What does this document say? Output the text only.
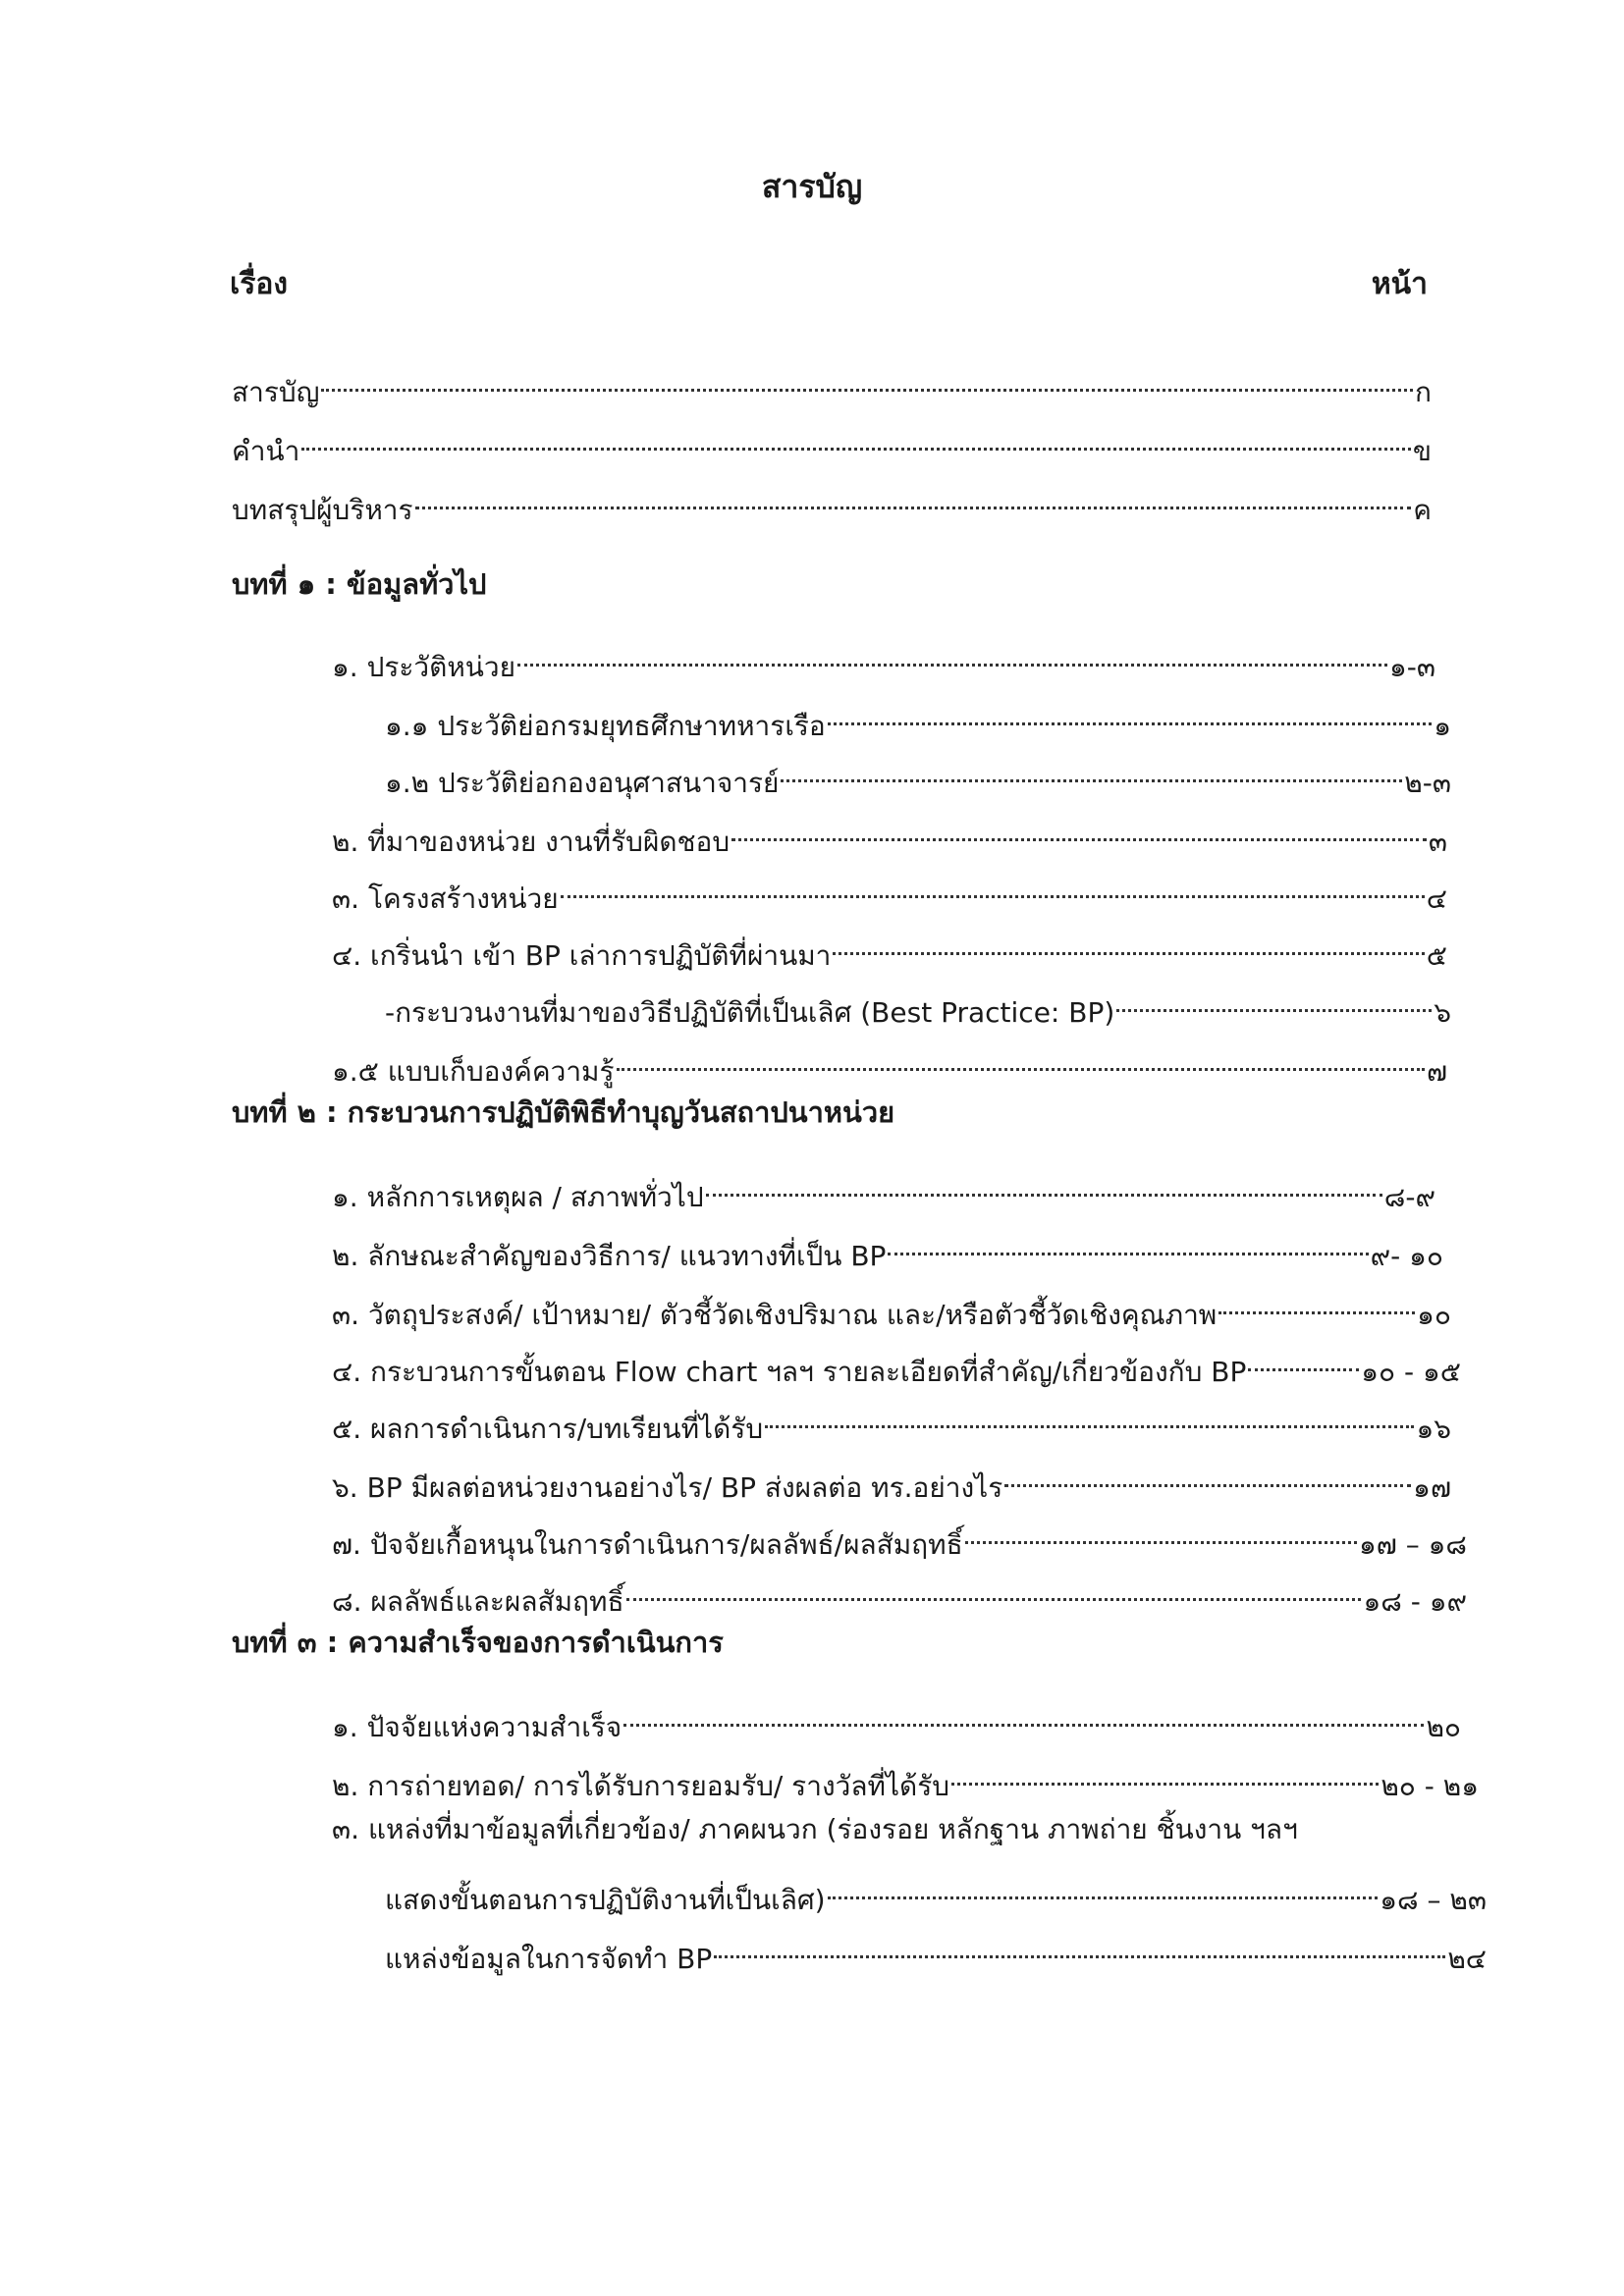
สารบัญ
เรื่อง	หน้า
สารบัญ	ก
คำนำ	ข
บทสรุปผู้บริหาร	ค
บทที่ ๑ : ข้อมูลทั่วไป
๑. ประวัติหน่วย	๑-๓
๑.๑ ประวัติย่อกรมยุทธศึกษาทหารเรือ	๑
๑.๒ ประวัติย่อกองอนุศาสนาจารย์	๒-๓
๒. ที่มาของหน่วย งานที่รับผิดชอบ	๓
๓. โครงสร้างหน่วย	๔
๔. เกริ่นนำ เข้า BP เล่าการปฏิบัติที่ผ่านมา	๕
-กระบวนงานที่มาของวิธีปฏิบัติที่เป็นเลิศ (Best Practice: BP)	๖
๑.๕ แบบเก็บองค์ความรู้	๗
บทที่ ๒ : กระบวนการปฏิบัติพิธีทำบุญวันสถาปนาหน่วย
๑. หลักการเหตุผล / สภาพทั่วไป	๘-๙
๒. ลักษณะสำคัญของวิธีการ/ แนวทางที่เป็น BP	๙- ๑๐
๓. วัตถุประสงค์/ เป้าหมาย/ ตัวชี้วัดเชิงปริมาณ และ/หรือตัวชี้วัดเชิงคุณภาพ	๑๐
๔. กระบวนการขั้นตอน Flow chart ฯลฯ รายละเอียดที่สำคัญ/เกี่ยวข้องกับ BP	๑๐ - ๑๕
๕. ผลการดำเนินการ/บทเรียนที่ได้รับ	๑๖
๖. BP มีผลต่อหน่วยงานอย่างไร/ BP ส่งผลต่อ ทร.อย่างไร	๑๗
๗. ปัจจัยเกื้อหนุนในการดำเนินการ/ผลลัพธ์/ผลสัมฤทธิ์	๑๗ – ๑๘
๘. ผลลัพธ์และผลสัมฤทธิ์	๑๘ - ๑๙
บทที่ ๓ : ความสำเร็จของการดำเนินการ
๑. ปัจจัยแห่งความสำเร็จ	๒๐
๒. การถ่ายทอด/ การได้รับการยอมรับ/ รางวัลที่ได้รับ	๒๐ - ๒๑
๓. แหล่งที่มาข้อมูลที่เกี่ยวข้อง/ ภาคผนวก (ร่องรอย หลักฐาน ภาพถ่าย ชิ้นงาน ฯลฯ
แสดงขั้นตอนการปฏิบัติงานที่เป็นเลิศ)	๑๘ – ๒๓
แหล่งข้อมูลในการจัดทำ BP	๒๔
